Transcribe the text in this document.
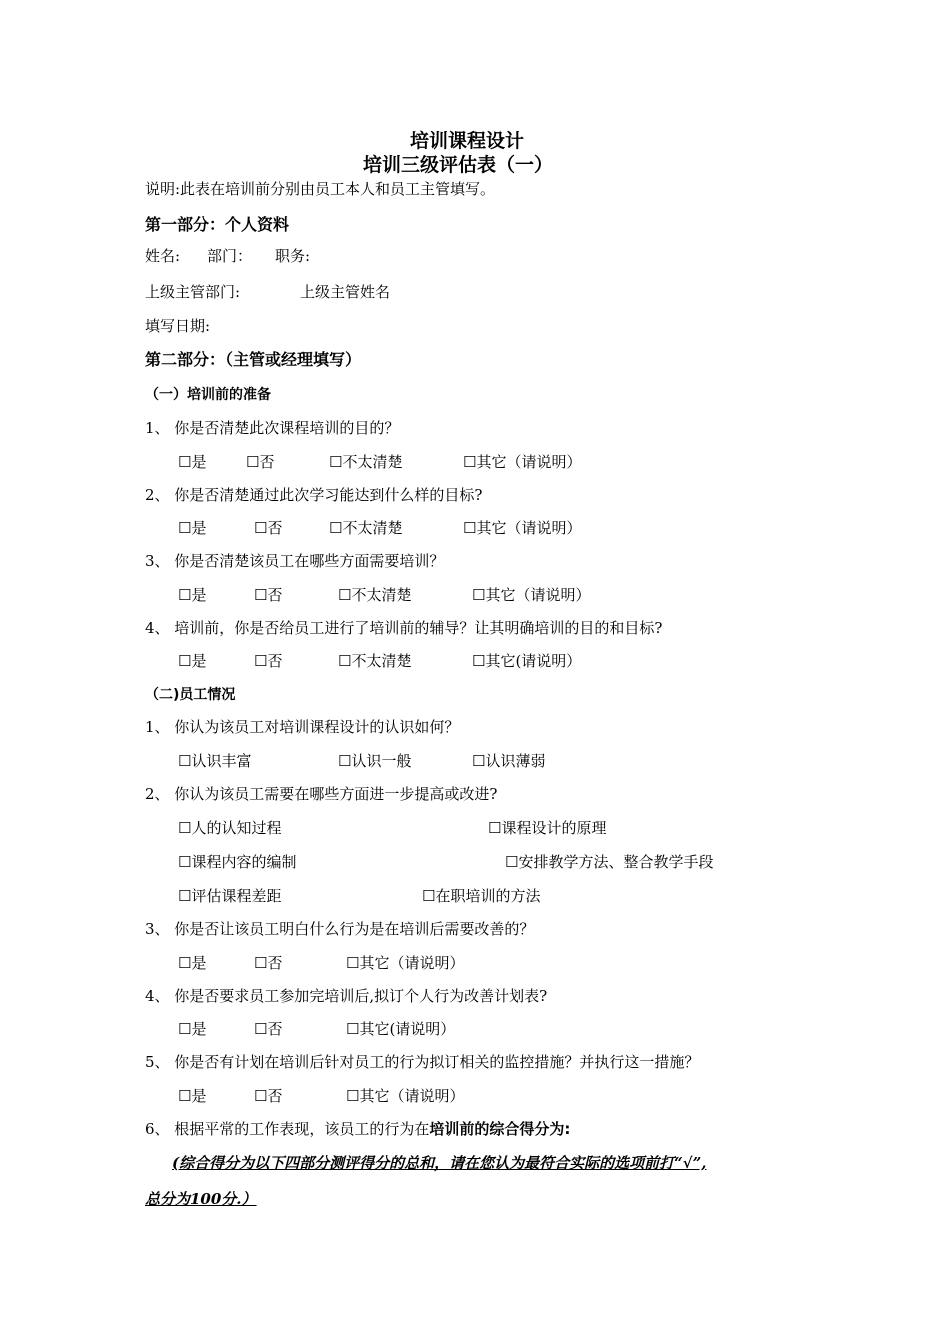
培训课程设计
培训三级评估表（一）
说明:此表在培训前分别由员工本人和员工主管填写。
第一部分：个人资料
姓名: 部门： 职务:
上级主管部门:	上级主管姓名
填写日期:
第二部分：（主管或经理填写）
（一）培训前的准备
1、 你是否清楚此次课程培训的目的？
☐是	☐否	☐不太清楚	☐其它（请说明）
2、 你是否清楚通过此次学习能达到什么样的目标?
☐是	☐否	☐不太清楚	☐其它（请说明）
3、 你是否清楚该员工在哪些方面需要培训？
☐是	☐否	☐不太清楚	☐其它（请说明）
4、 培训前，你是否给员工进行了培训前的辅导？让其明确培训的目的和目标?
☐是	☐否	☐不太清楚	☐其它(请说明）
（二)员工情况
1、 你认为该员工对培训课程设计的认识如何？
☐认识丰富	☐认识一般	☐认识薄弱
2、 你认为该员工需要在哪些方面进一步提高或改进?
☐人的认知过程	☐课程设计的原理
☐课程内容的编制	☐安排教学方法、整合教学手段
☐评估课程差距	☐在职培训的方法
3、 你是否让该员工明白什么行为是在培训后需要改善的？
☐是	☐否	☐其它（请说明）
4、 你是否要求员工参加完培训后,拟订个人行为改善计划表?
☐是	☐否	☐其它(请说明）
5、 你是否有计划在培训后针对员工的行为拟订相关的监控措施？并执行这一措施？
☐是	☐否	☐其它（请说明）
6、 根据平常的工作表现，该员工的行为在培训前的综合得分为:
(综合得分为以下四部分测评得分的总和，请在您认为最符合实际的选项前打“√”,
总分为100分.）
